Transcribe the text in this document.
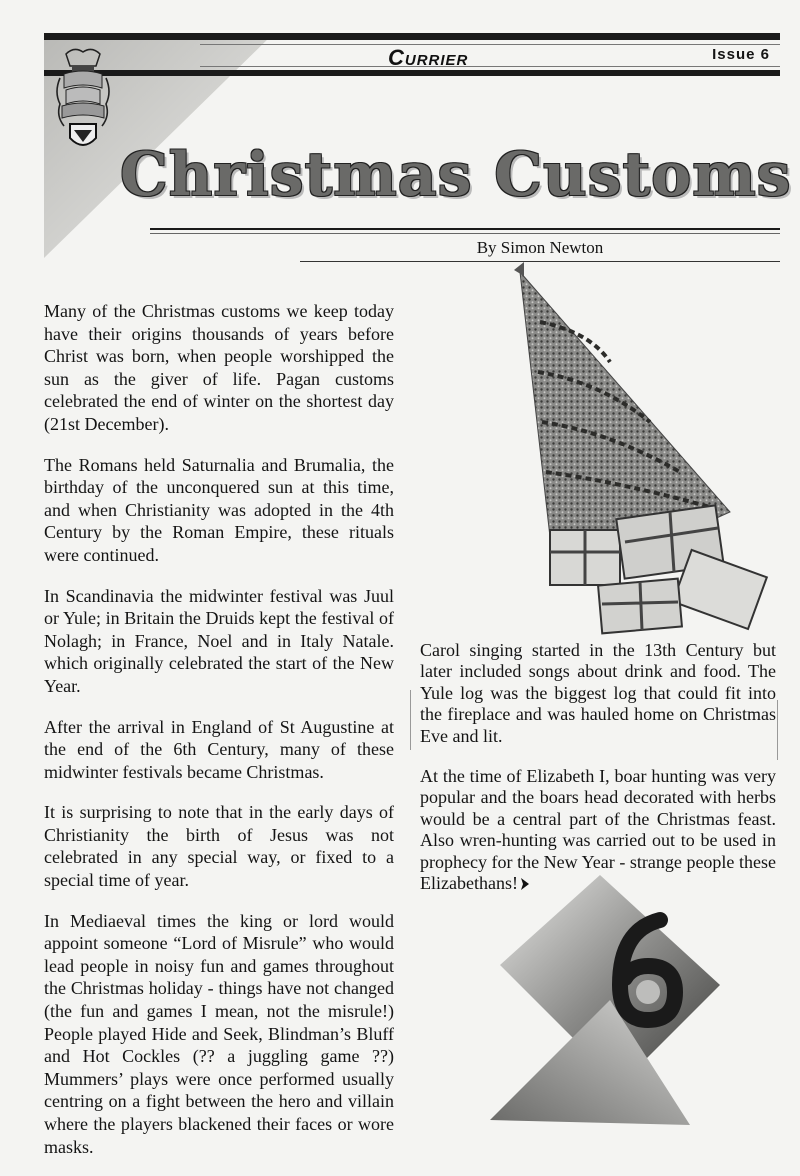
CURRIER	Issue 6
Christmas Customs
By Simon Newton

Many of the Christmas customs we keep today have their origins thousands of years before Christ was born, when people worshipped the sun as the giver of life. Pagan customs celebrated the end of winter on the shortest day (21st December).

The Romans held Saturnalia and Brumalia, the birthday of the unconquered sun at this time, and when Christianity was adopted in the 4th Century by the Roman Empire, these rituals were continued.

In Scandinavia the midwinter festival was Juul or Yule; in Britain the Druids kept the festival of Nolagh; in France, Noel and in Italy Natale. which originally celebrated the start of the New Year.

After the arrival in England of St Augustine at the end of the 6th Century, many of these midwinter festivals became Christmas.

It is surprising to note that in the early days of Christianity the birth of Jesus was not celebrated in any special way, or fixed to a special time of year.

In Mediaeval times the king or lord would appoint someone “Lord of Misrule” who would lead people in noisy fun and games throughout the Christmas holiday - things have not changed (the fun and games I mean, not the misrule!) People played Hide and Seek, Blindman’s Bluff and Hot Cockles (?? a juggling game ??) Mummers’ plays were once performed usually centring on a fight between the hero and villain where the players blackened their faces or wore masks.

Carol singing started in the 13th Century but later included songs about drink and food. The Yule log was the biggest log that could fit into the fireplace and was hauled home on Christmas Eve and lit.

At the time of Elizabeth I, boar hunting was very popular and the boars head decorated with herbs would be a central part of the Christmas feast. Also wren-hunting was carried out to be used in prophecy for the New Year - strange people these Elizabethans!
